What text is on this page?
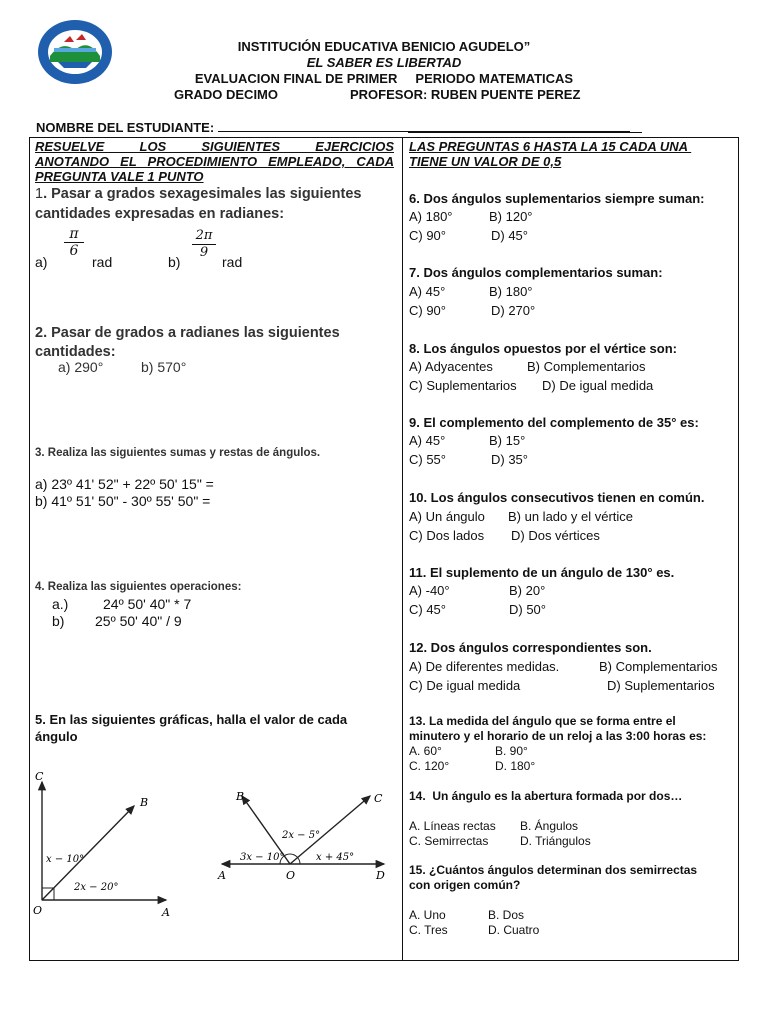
INSTITUCIÓN EDUCATIVA BENICIO AGUDELO”
EL SABER ES LIBERTAD
EVALUACION FINAL DE PRIMER     PERIODO MATEMATICAS
GRADO DECIMO	PROFESOR: RUBEN PUENTE PEREZ
NOMBRE DEL ESTUDIANTE:
RESUELVE LOS SIGUIENTES EJERCICIOS
ANOTANDO EL PROCEDIMIENTO EMPLEADO, CADA
PREGUNTA VALE 1 PUNTO
1. Pasar a grados sexagesimales las siguientes
cantidades expresadas en radianes:
$\frac{\pi}{6}$
a)	rad
$\frac{2\pi}{9}$
b)	rad
2. Pasar de grados a radianes las siguientes
cantidades:
a) 290°	b) 570°
3. Realiza las siguientes sumas y restas de ángulos.
a) 23º 41' 52" + 22º 50' 15" =
b) 41º 51' 50" - 30º 55' 50" =
4. Realiza las siguientes operaciones:
a.) 24º 50' 40" * 7
b) 25º 50' 40" / 9
5. En las siguientes gráficas, halla el valor de cada
ángulo
C
B
O	A
x − 10°
2x − 20°
B	C
A	O	D
3x − 10°
2x − 5°
x + 45°
LAS PREGUNTAS 6 HASTA LA 15 CADA UNA
TIENE UN VALOR DE 0,5
6. Dos ángulos suplementarios siempre suman:
A) 180°	B) 120°
C) 90°	D) 45°
7. Dos ángulos complementarios suman:
A) 45°	B) 180°
C) 90°	D) 270°
8. Los ángulos opuestos por el vértice son:
A) Adyacentes	B) Complementarios
C) Suplementarios D) De igual medida
9. El complemento del complemento de 35° es:
A) 45°	B) 15°
C) 55°	D) 35°
10. Los ángulos consecutivos tienen en común.
A) Un ángulo B) un lado y el vértice
C) Dos lados D) Dos vértices
11. El suplemento de un ángulo de 130° es.
A) -40°	B) 20°
C) 45°	D) 50°
12. Dos ángulos correspondientes son.
A) De diferentes medidas.	B) Complementarios
C) De igual medida	D) Suplementarios
13. La medida del ángulo que se forma entre el
minutero y el horario de un reloj a las 3:00 horas es:
A. 60°	B. 90°
C. 120°	D. 180°
14.  Un ángulo es la abertura formada por dos…
A. Líneas rectas B. Ángulos
C. Semirrectas	D. Triángulos
15. ¿Cuántos ángulos determinan dos semirrectas
con origen común?
A. Uno	B. Dos
C. Tres	D. Cuatro
